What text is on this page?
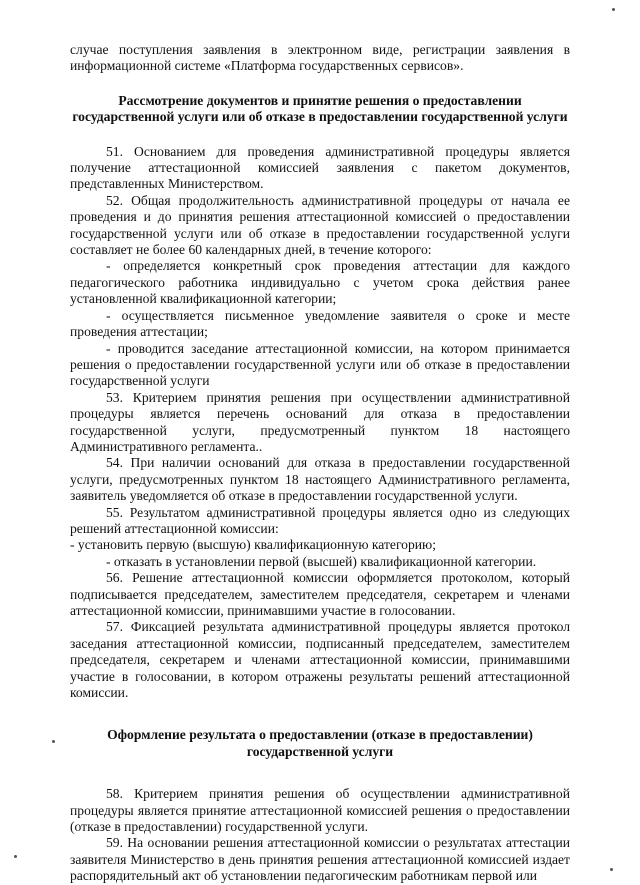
случае поступления заявления в электронном виде, регистрации заявления в информационной системе «Платформа государственных сервисов».

Рассмотрение документов и принятие решения о предоставлении

государственной услуги или об отказе в предоставлении государственной услуги

51. Основанием для проведения административной процедуры является получение аттестационной комиссией заявления с пакетом документов, представленных Министерством.

52. Общая продолжительность административной процедуры от начала ее проведения и до принятия решения аттестационной комиссией о предоставлении государственной услуги или об отказе в предоставлении государственной услуги составляет не более 60 календарных дней, в течение которого:

- определяется конкретный срок проведения аттестации для каждого педагогического работника индивидуально с учетом срока действия ранее установленной квалификационной категории;

- осуществляется письменное уведомление заявителя о сроке и месте проведения аттестации;

- проводится заседание аттестационной комиссии, на котором принимается решения о предоставлении государственной услуги или об отказе в предоставлении государственной услуги

53. Критерием принятия решения при осуществлении административной процедуры является перечень оснований для отказа в предоставлении государственной услуги, предусмотренный пунктом 18 настоящего Административного регламента..

54. При наличии оснований для отказа в предоставлении государственной услуги, предусмотренных пунктом 18 настоящего Административного регламента, заявитель уведомляется об отказе в предоставлении государственной услуги.

55. Результатом административной процедуры является одно из следующих решений аттестационной комиссии:

- установить первую (высшую) квалификационную категорию;

- отказать в установлении первой (высшей) квалификационной категории.

56. Решение аттестационной комиссии оформляется протоколом, который подписывается председателем, заместителем председателя, секретарем и членами аттестационной комиссии, принимавшими участие в голосовании.

57. Фиксацией результата административной процедуры является протокол заседания аттестационной комиссии, подписанный председателем, заместителем председателя, секретарем и членами аттестационной комиссии, принимавшими участие в голосовании, в котором отражены результаты решений аттестационной комиссии.

Оформление результата о предоставлении (отказе в предоставлении)

государственной услуги

58. Критерием принятия решения об осуществлении административной процедуры является принятие аттестационной комиссией решения о предоставлении (отказе в предоставлении) государственной услуги.

59. На основании решения аттестационной комиссии о результатах аттестации заявителя Министерство в день принятия решения аттестационной комиссией издает распорядительный акт об установлении педагогическим работникам первой или
